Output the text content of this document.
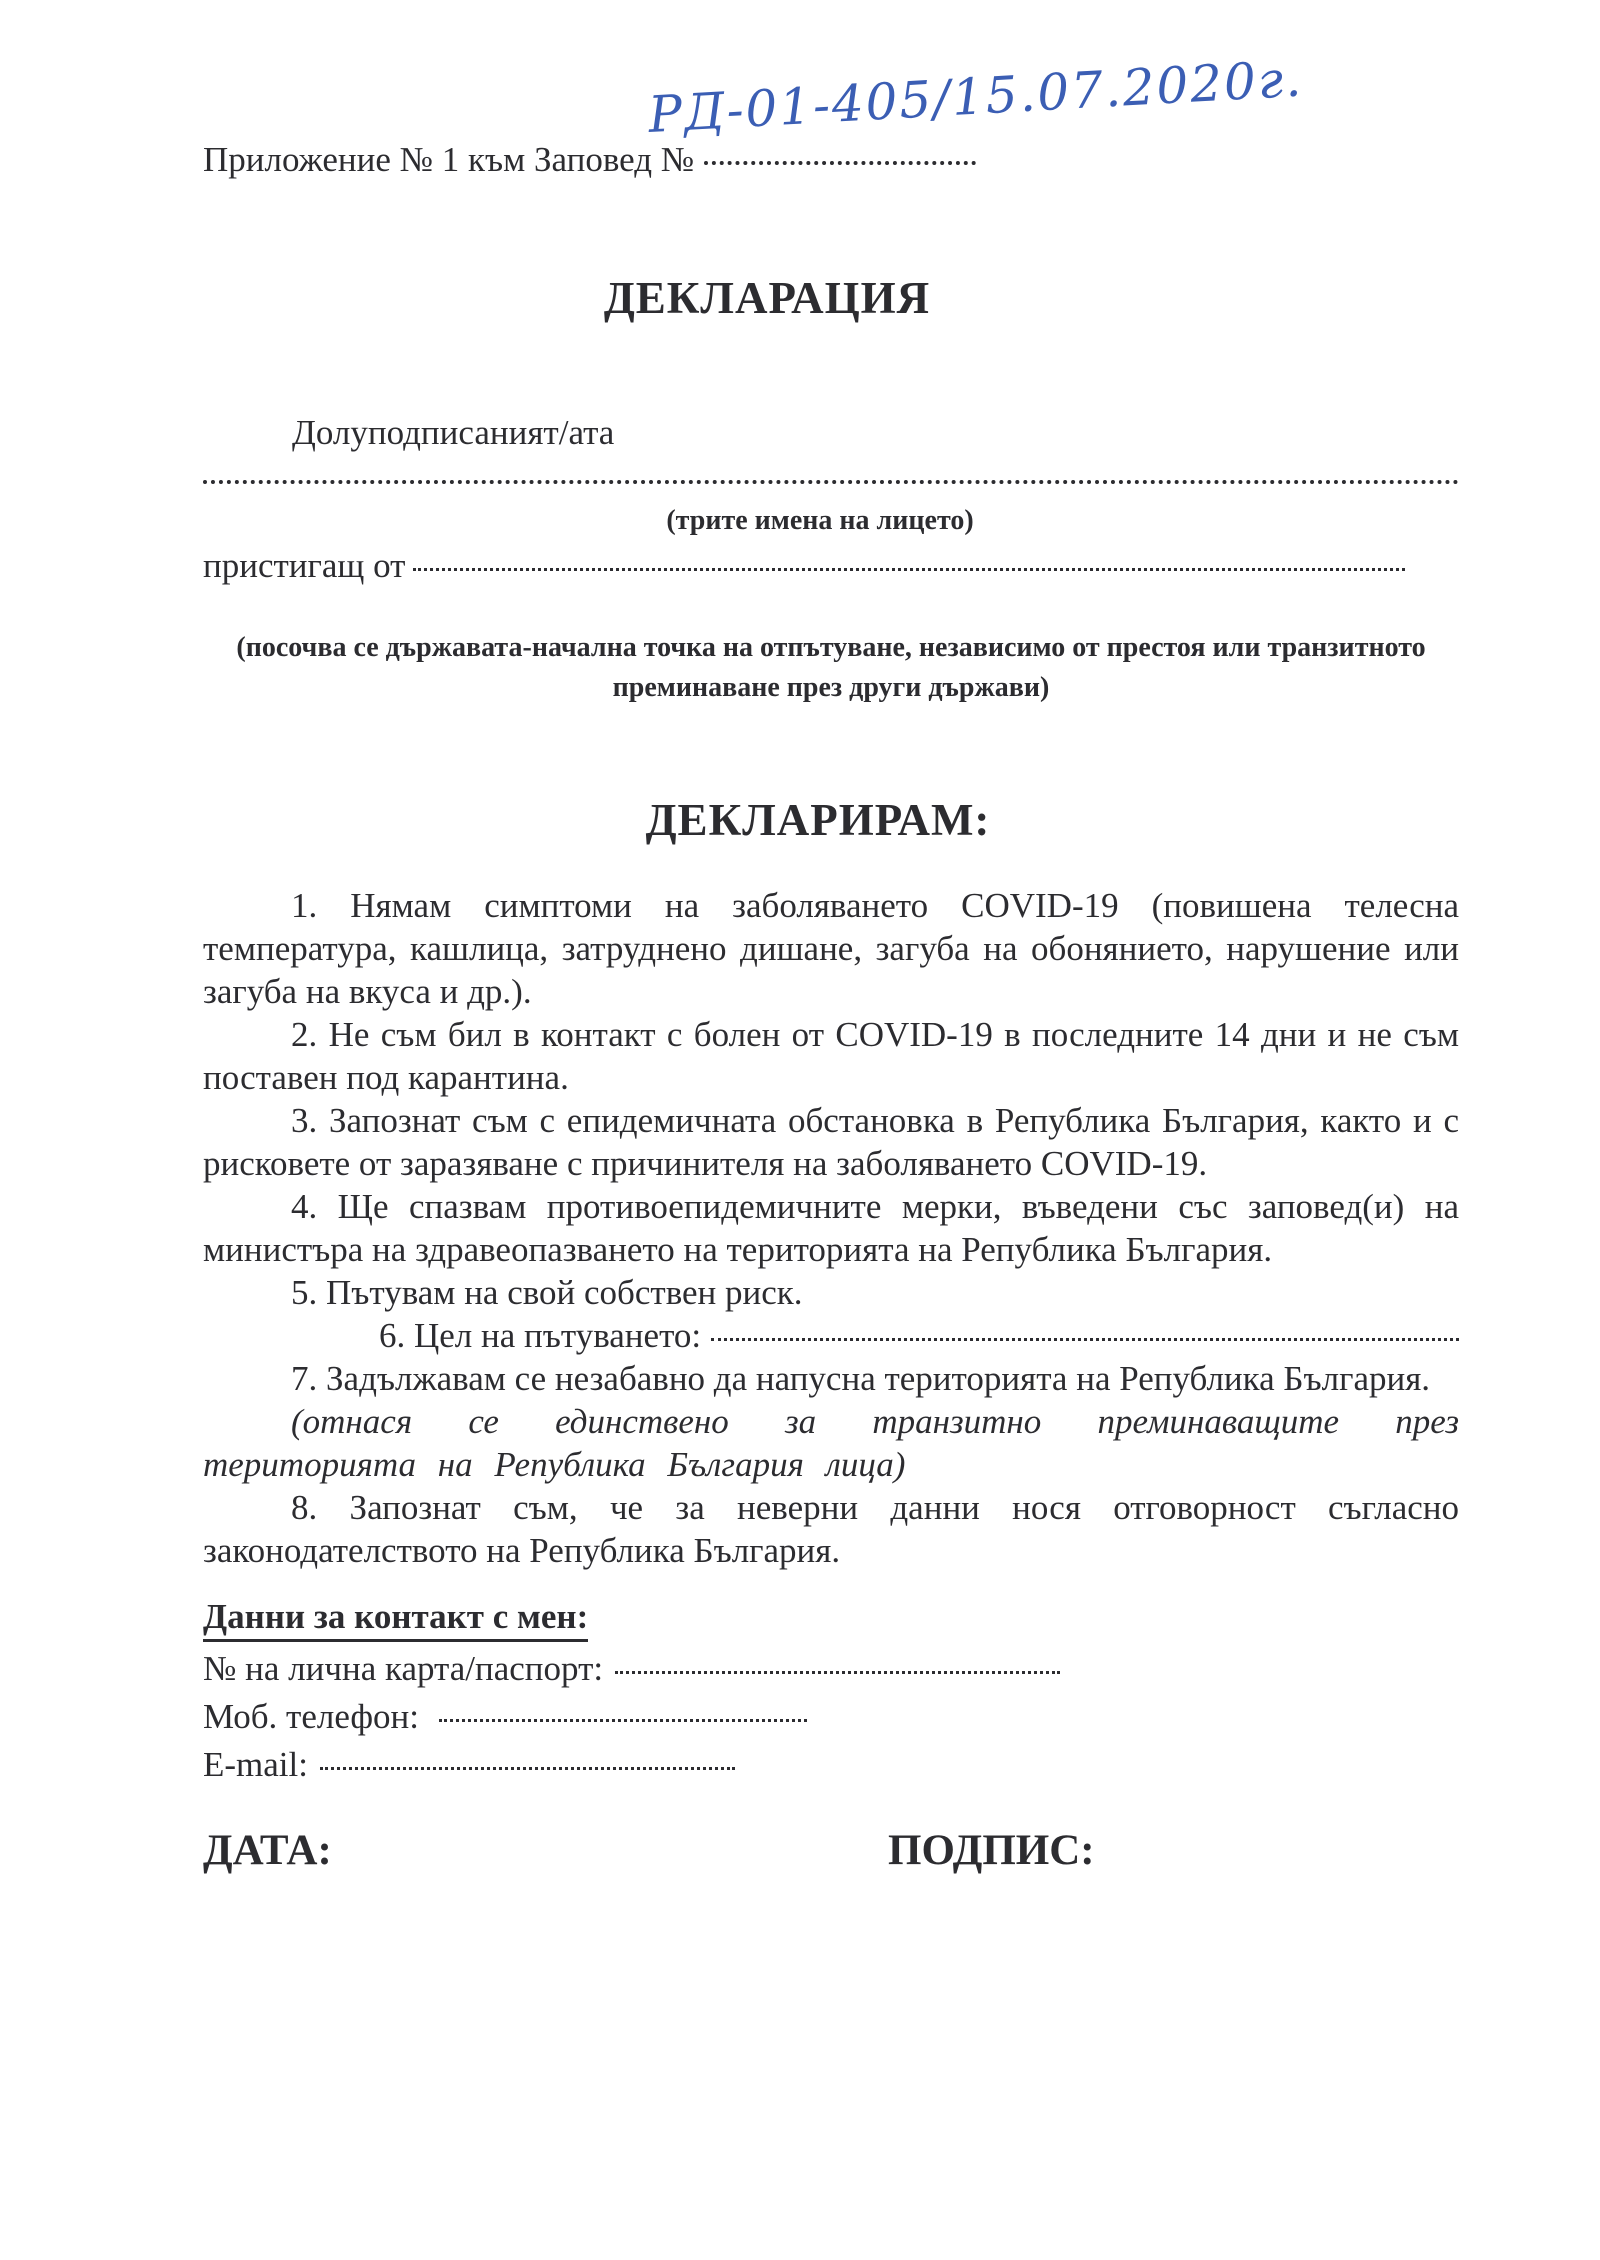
Приложение № 1 към Заповед №
РД-01-405/15.07.2020г.
ДЕКЛАРАЦИЯ
Долуподписаният/ата
(трите имена на лицето)
пристигащ от
(посочва се държавата-начална точка на отпътуване, независимо от престоя или транзитното преминаване през други държави)
ДЕКЛАРИРАМ:

1. Нямам симптоми на заболяването COVID-19 (повишена телесна температура, кашлица, затруднено дишане, загуба на обонянието, нарушение или загуба на вкуса и др.).

2. Не съм бил в контакт с болен от COVID-19 в последните 14 дни и не съм поставен под карантина.

3. Запознат съм с епидемичната обстановка в Република България, както и с рисковете от заразяване с причинителя на заболяването COVID-19.

4. Ще спазвам противоепидемичните мерки, въведени със заповед(и) на министъра на здравеопазването на територията на Република България.

5. Пътувам на свой собствен риск.

6. Цел на пътуването:

7. Задължавам се незабавно да напусна територията на Република България.

(отнася се единствено за транзитно преминаващите през територията на Република България лица)

8. Запознат съм, че за неверни данни нося отговорност съгласно законодателството на Република България.

Данни за контакт с мен:
№ на лична карта/паспорт:
Моб. телефон:
E-mail:
ДАТА:	ПОДПИС:
